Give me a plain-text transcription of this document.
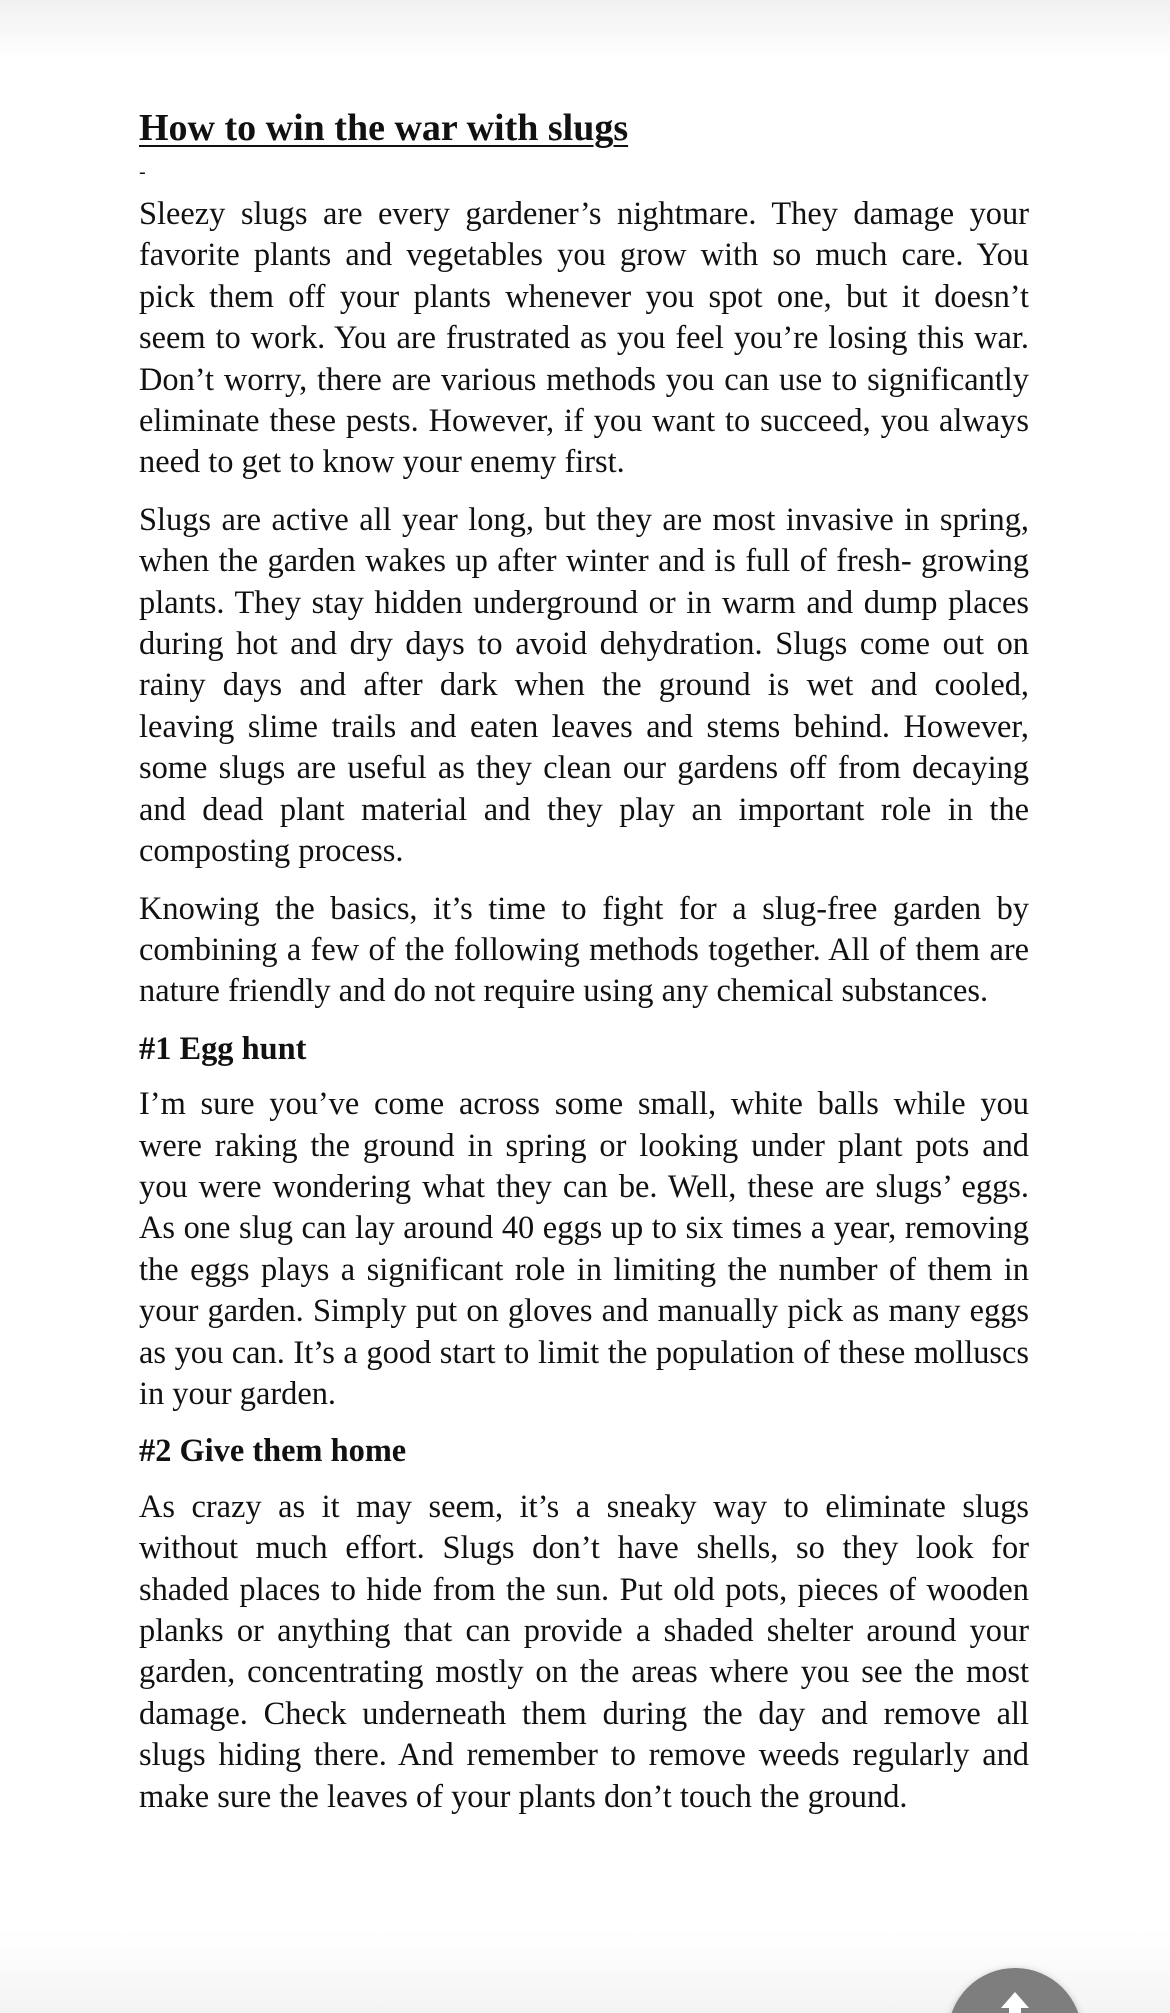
How to win the war with slugs

-

Sleezy slugs are every gardener’s nightmare. They damage your favorite plants and vegetables you grow with so much care. You pick them off your plants whenever you spot one, but it doesn’t seem to work. You are frustrated as you feel you’re losing this war. Don’t worry, there are various methods you can use to significantly eliminate these pests. However, if you want to succeed, you always need to get to know your enemy first.

Slugs are active all year long, but they are most invasive in spring, when the garden wakes up after winter and is full of fresh- growing plants. They stay hidden underground or in warm and dump places during hot and dry days to avoid dehydration. Slugs come out on rainy days and after dark when the ground is wet and cooled, leaving slime trails and eaten leaves and stems behind. However, some slugs are useful as they clean our gardens off from decaying and dead plant material and they play an important role in the composting process.

Knowing the basics, it’s time to fight for a slug-free garden by combining a few of the following methods together. All of them are nature friendly and do not require using any chemical substances.

#1 Egg hunt

I’m sure you’ve come across some small, white balls while you were raking the ground in spring or looking under plant pots and you were wondering what they can be. Well, these are slugs’ eggs. As one slug can lay around 40 eggs up to six times a year, removing the eggs plays a significant role in limiting the number of them in your garden. Simply put on gloves and manually pick as many eggs as you can. It’s a good start to limit the population of these molluscs in your garden.

#2 Give them home

As crazy as it may seem, it’s a sneaky way to eliminate slugs without much effort. Slugs don’t have shells, so they look for shaded places to hide from the sun. Put old pots, pieces of wooden planks or anything that can provide a shaded shelter around your garden, concentrating mostly on the areas where you see the most damage. Check underneath them during the day and remove all slugs hiding there. And remember to remove weeds regularly and make sure the leaves of your plants don’t touch the ground.
